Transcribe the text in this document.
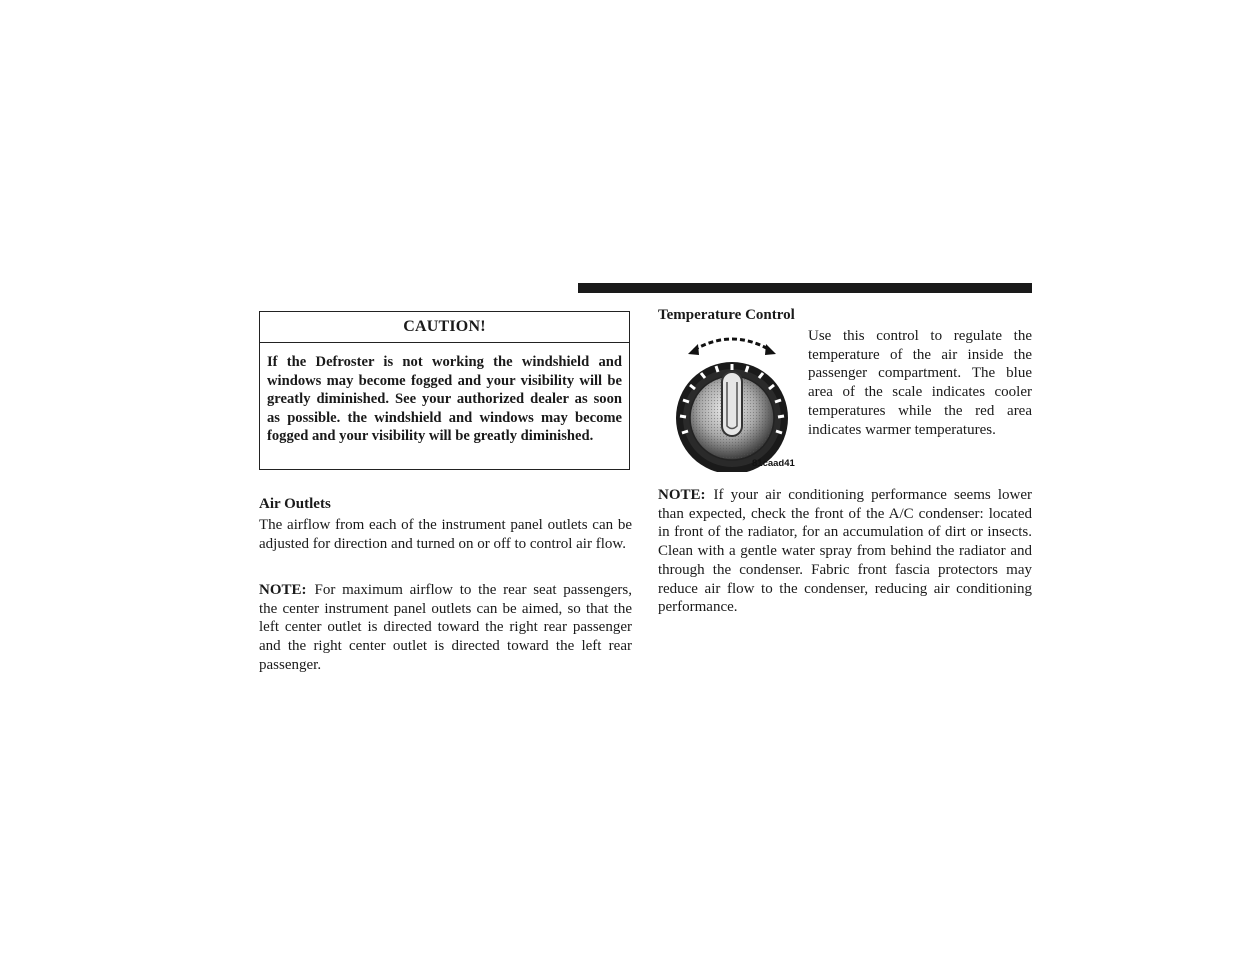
CAUTION!
If the Defroster is not working the windshield and windows may become fogged and your visibility will be greatly diminished. See your authorized dealer as soon as possible. the windshield and windows may become fogged and your visibility will be greatly diminished.
Air Outlets

The airflow from each of the instrument panel outlets can be adjusted for direction and turned on or off to control air flow.

NOTE: For maximum airflow to the rear seat passengers, the center instrument panel outlets can be aimed, so that the left center outlet is directed toward the right rear passenger and the right center outlet is directed toward the left rear passenger.

Temperature Control
81caad41

Use this control to regulate the temperature of the air inside the passenger compartment. The blue area of the scale indicates cooler temperatures while the red area indicates warmer temperatures.

NOTE: If your air conditioning performance seems lower than expected, check the front of the A/C condenser: located in front of the radiator, for an accumulation of dirt or insects. Clean with a gentle water spray from behind the radiator and through the condenser. Fabric front fascia protectors may reduce air flow to the condenser, reducing air conditioning performance.
